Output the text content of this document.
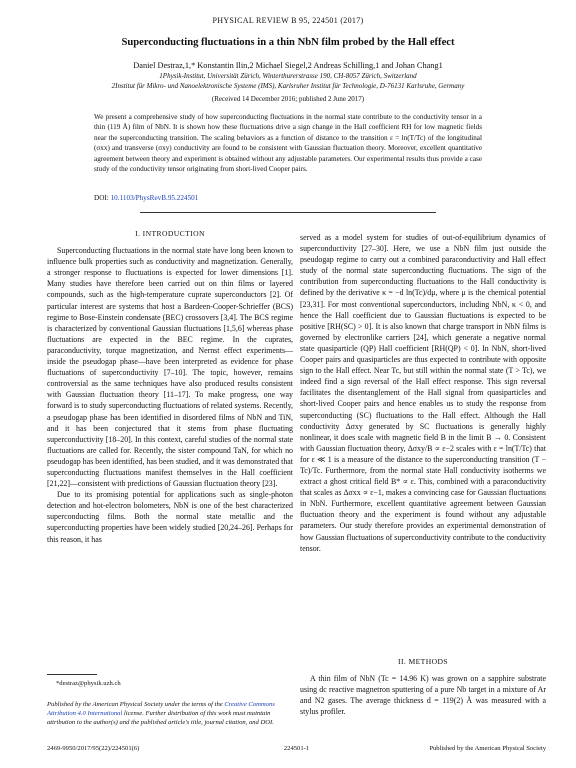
PHYSICAL REVIEW B 95, 224501 (2017)
Superconducting fluctuations in a thin NbN film probed by the Hall effect
Daniel Destraz,1,* Konstantin Ilin,2 Michael Siegel,2 Andreas Schilling,1 and Johan Chang1
1Physik-Institut, Universität Zürich, Winterthurerstrasse 190, CH-8057 Zürich, Switzerland
2Institut für Mikro- und Nanoelektronische Systeme (IMS), Karlsruher Institut für Technologie, D-76131 Karlsruhe, Germany
(Received 14 December 2016; published 2 June 2017)
We present a comprehensive study of how superconducting fluctuations in the normal state contribute to the conductivity tensor in a thin (119 Å) film of NbN. It is shown how these fluctuations drive a sign change in the Hall coefficient RH for low magnetic fields near the superconducting transition. The scaling behaviors as a function of distance to the transition ε = ln(T/Tc) of the longitudinal (σxx) and transverse (σxy) conductivity are found to be consistent with Gaussian fluctuation theory. Moreover, excellent quantitative agreement between theory and experiment is obtained without any adjustable parameters. Our experimental results thus provide a case study of the conductivity tensor originating from short-lived Cooper pairs.
DOI: 10.1103/PhysRevB.95.224501
I. INTRODUCTION

Superconducting fluctuations in the normal state have long been known to influence bulk properties such as conductivity and magnetization. Generally, a stronger response to fluctuations is expected for lower dimensions [1]. Many studies have therefore been carried out on thin films or layered compounds, such as the high-temperature cuprate superconductors [2]. Of particular interest are systems that host a Bardeen-Cooper-Schrieffer (BCS) regime to Bose-Einstein condensate (BEC) crossovers [3,4]. The BCS regime is characterized by conventional Gaussian fluctuations [1,5,6] whereas phase fluctuations are expected in the BEC regime. In the cuprates, paraconductivity, torque magnetization, and Nernst effect experiments—inside the pseudogap phase—have been interpreted as evidence for phase fluctuations of superconductivity [7–10]. The topic, however, remains controversial as the same techniques have also produced results consistent with Gaussian fluctuation theory [11–17]. To make progress, one way forward is to study superconducting fluctuations of related systems. Recently, a pseudogap phase has been identified in disordered films of NbN and TiN, and it has been conjectured that it stems from phase fluctuating superconductivity [18–20]. In this context, careful studies of the normal state fluctuations are called for. Recently, the sister compound TaN, for which no pseudogap has been identified, has been studied, and it was demonstrated that superconducting fluctuations manifest themselves in the Hall coefficient [21,22]—consistent with predictions of Gaussian fluctuation theory [23].

Due to its promising potential for applications such as single-photon detection and hot-electron bolometers, NbN is one of the best characterized superconducting films. Both the normal state metallic and the superconducting properties have been widely studied [20,24–26]. Perhaps for this reason, it has

served as a model system for studies of out-of-equilibrium dynamics of superconductivity [27–30]. Here, we use a NbN film just outside the pseudogap regime to carry out a combined paraconductivity and Hall effect study of the normal state superconducting fluctuations. The sign of the contribution from superconducting fluctuations to the Hall conductivity is defined by the derivative κ = −d ln(Tc)/dμ, where μ is the chemical potential [23,31]. For most conventional superconductors, including NbN, κ < 0, and hence the Hall coefficient due to Gaussian fluctuations is expected to be positive [RH(SC) > 0]. It is also known that charge transport in NbN films is governed by electronlike carriers [24], which generate a negative normal state quasiparticle (QP) Hall coefficient [RH(QP) < 0]. In NbN, short-lived Cooper pairs and quasiparticles are thus expected to contribute with opposite sign to the Hall effect. Near Tc, but still within the normal state (T > Tc), we indeed find a sign reversal of the Hall effect response. This sign reversal facilitates the disentanglement of the Hall signal from quasiparticles and short-lived Cooper pairs and hence enables us to study the response from superconducting (SC) fluctuations to the Hall effect. Although the Hall conductivity Δσxy generated by SC fluctuations is generally highly nonlinear, it does scale with magnetic field B in the limit B → 0. Consistent with Gaussian fluctuation theory, Δσxy/B ∝ ε−2 scales with ε = ln(T/Tc) that for ε ≪ 1 is a measure of the distance to the superconducting transition (T − Tc)/Tc. Furthermore, from the normal state Hall conductivity isotherms we extract a ghost critical field B* ∝ ε. This, combined with a paraconductivity that scales as Δσxx ∝ ε−1, makes a convincing case for Gaussian fluctuations in NbN. Furthermore, excellent quantitative agreement between Gaussian fluctuation theory and the experiment is found without any adjustable parameters. Our study therefore provides an experimental demonstration of how Gaussian fluctuations of superconductivity contribute to the conductivity tensor.

*destraz@physik.uzh.ch
Published by the American Physical Society under the terms of the Creative Commons Attribution 4.0 International license. Further distribution of this work must maintain attribution to the author(s) and the published article's title, journal citation, and DOI.
II. METHODS

A thin film of NbN (Tc = 14.96 K) was grown on a sapphire substrate using dc reactive magnetron sputtering of a pure Nb target in a mixture of Ar and N2 gases. The average thickness d = 119(2) Å was measured with a stylus profiler.

2469-9950/2017/95(22)/224501(6)	224501-1	Published by the American Physical Society
